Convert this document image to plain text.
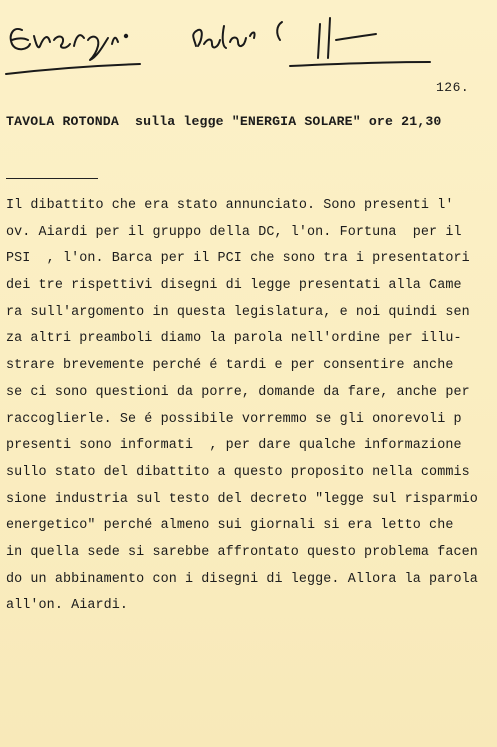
126.
TAVOLA ROTONDA  sulla legge "ENERGIA SOLARE" ore 21,30
Il dibattito che era stato annunciato. Sono presenti l'
ov. Aiardi per il gruppo della DC, l'on. Fortuna  per il
PSI  , l'on. Barca per il PCI che sono tra i presentatori
dei tre rispettivi disegni di legge presentati alla Came
ra sull'argomento in questa legislatura, e noi quindi sen
za altri preamboli diamo la parola nell'ordine per illu-
strare brevemente perché é tardi e per consentire anche
se ci sono questioni da porre, domande da fare, anche per
raccoglierle. Se é possibile vorremmo se gli onorevoli p
presenti sono informati  , per dare qualche informazione
sullo stato del dibattito a questo proposito nella commis
sione industria sul testo del decreto "legge sul risparmio
energetico" perché almeno sui giornali si era letto che
in quella sede si sarebbe affrontato questo problema facen
do un abbinamento con i disegni di legge. Allora la parola
all'on. Aiardi.
